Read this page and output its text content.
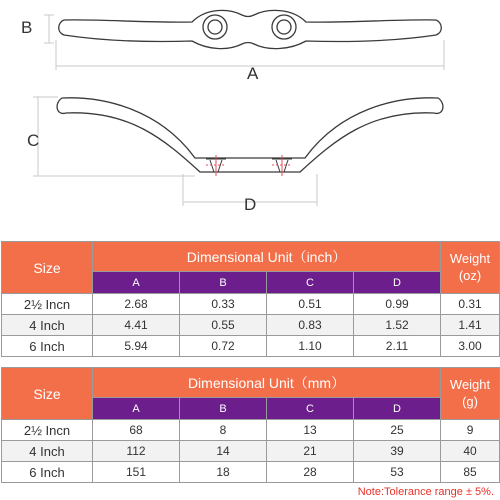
B
A
C
D
Size	Dimensional Unit（inch）				Weight
(oz)

	A	B	C	D	
2½ Incn	2.68	0.33	0.51	0.99	0.31
4 Inch	4.41	0.55	0.83	1.52	1.41
6 Inch	5.94	0.72	1.10	2.11	3.00
Size	Dimensional Unit（mm）				Weight
(g)

	A	B	C	D	
2½ Incn	68	8	13	25	9
4 Inch	112	14	21	39	40
6 Inch	151	18	28	53	85
Note:Tolerance range ± 5%.
